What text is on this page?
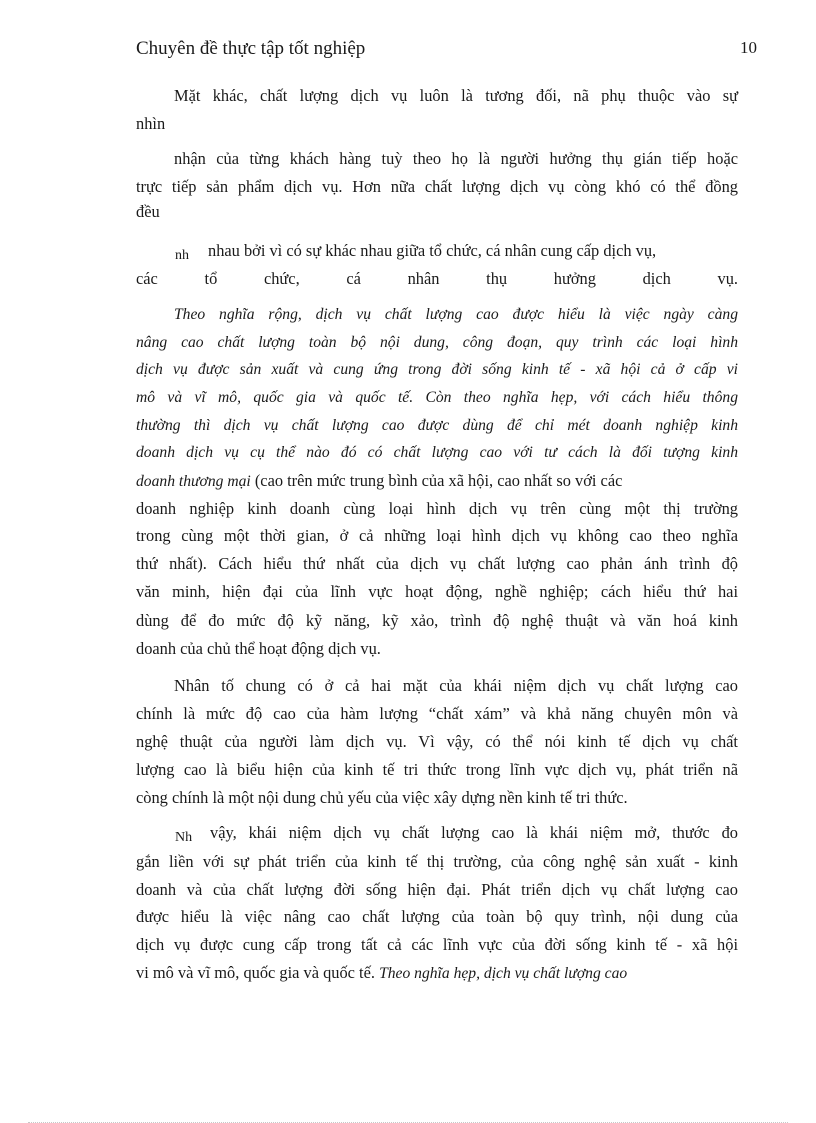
Chuyên đề thực tập tốt nghiệp	10
Mặt khác, chất lượng dịch vụ luôn là tương đối, nã phụ thuộc vào sự
nhìn
nhận của từng khách hàng tuỳ theo họ là người hưởng thụ gián tiếp hoặc
trực tiếp sản phẩm dịch vụ. Hơn nữa chất lượng dịch vụ còng khó có thể đồng
đều
nh nhau bởi vì có sự khác nhau giữa tổ chức, cá nhân cung cấp dịch vụ,
các tổ chức, cá nhân thụ hưởng dịch vụ.
Theo nghĩa rộng, dịch vụ chất lượng cao được hiểu là việc ngày càng
nâng cao chất lượng toàn bộ nội dung, công đoạn, quy trình các loại hình
dịch vụ được sản xuất và cung ứng trong đời sống kinh tế - xã hội cả ở cấp vi
mô và vĩ mô, quốc gia và quốc tế. Còn theo nghĩa hẹp, với cách hiểu thông
thường thì dịch vụ chất lượng cao được dùng để chỉ mét doanh nghiệp kinh
doanh dịch vụ cụ thể nào đó có chất lượng cao với tư cách là đối tượng kinh
doanh thương mại (cao trên mức trung bình của xã hội, cao nhất so với các
doanh nghiệp kinh doanh cùng loại hình dịch vụ trên cùng một thị trường
trong cùng một thời gian, ở cả những loại hình dịch vụ không cao theo nghĩa
thứ nhất). Cách hiểu thứ nhất của dịch vụ chất lượng cao phản ánh trình độ
văn minh, hiện đại của lĩnh vực hoạt động, nghề nghiệp; cách hiểu thứ hai
dùng để đo mức độ kỹ năng, kỹ xảo, trình độ nghệ thuật và văn hoá kinh
doanh của chủ thể hoạt động dịch vụ.
Nhân tố chung có ở cả hai mặt của khái niệm dịch vụ chất lượng cao
chính là mức độ cao của hàm lượng “chất xám” và khả năng chuyên môn và
nghệ thuật của người làm dịch vụ. Vì vậy, có thể nói kinh tế dịch vụ chất
lượng cao là biểu hiện của kinh tế tri thức trong lĩnh vực dịch vụ, phát triển nã
còng chính là một nội dung chủ yếu của việc xây dựng nền kinh tế tri thức.
Nh vậy, khái niệm dịch vụ chất lượng cao là khái niệm mở, thước đo
gắn liền với sự phát triển của kinh tế thị trường, của công nghệ sản xuất - kinh
doanh và của chất lượng đời sống hiện đại. Phát triển dịch vụ chất lượng cao
được hiểu là việc nâng cao chất lượng của toàn bộ quy trình, nội dung của
dịch vụ được cung cấp trong tất cả các lĩnh vực của đời sống kinh tế - xã hội
vi mô và vĩ mô, quốc gia và quốc tế. Theo nghĩa hẹp, dịch vụ chất lượng cao
